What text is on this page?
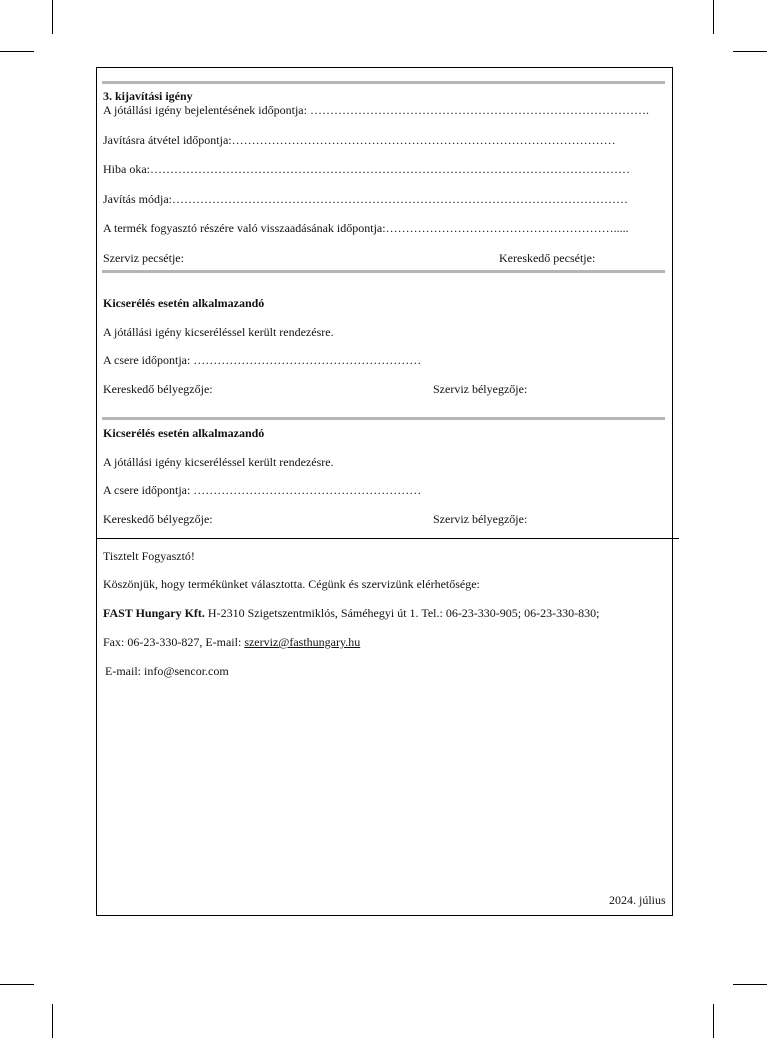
3. kijavítási igény
A jótállási igény bejelentésének időpontja: ………………………………………………………………………….
Javításra átvétel időpontja:……………………………………………………………………………………
Hiba oka:…………………………………………………………………………………………………………
Javítás módja:……………………………………………………………………………………………………
A termék fogyasztó részére való visszaadásának időpontja:………………………………………………….....
Szerviz pecsétje:	Kereskedő pecsétje:
Kicserélés esetén alkalmazandó
A jótállási igény kicseréléssel került rendezésre.
A csere időpontja: …………………………………………………
Kereskedő bélyegzője:	Szerviz bélyegzője:
Kicserélés esetén alkalmazandó
A jótállási igény kicseréléssel került rendezésre.
A csere időpontja: …………………………………………………
Kereskedő bélyegzője:	Szerviz bélyegzője:
Tisztelt Fogyasztó!
Köszönjük, hogy termékünket választotta. Cégünk és szervizünk elérhetősége:
FAST Hungary Kft. H-2310 Szigetszentmiklós, Sáméhegyi út 1. Tel.: 06-23-330-905; 06-23-330-830;
Fax: 06-23-330-827, E-mail: szerviz@fasthungary.hu
E-mail: info@sencor.com
2024. július
